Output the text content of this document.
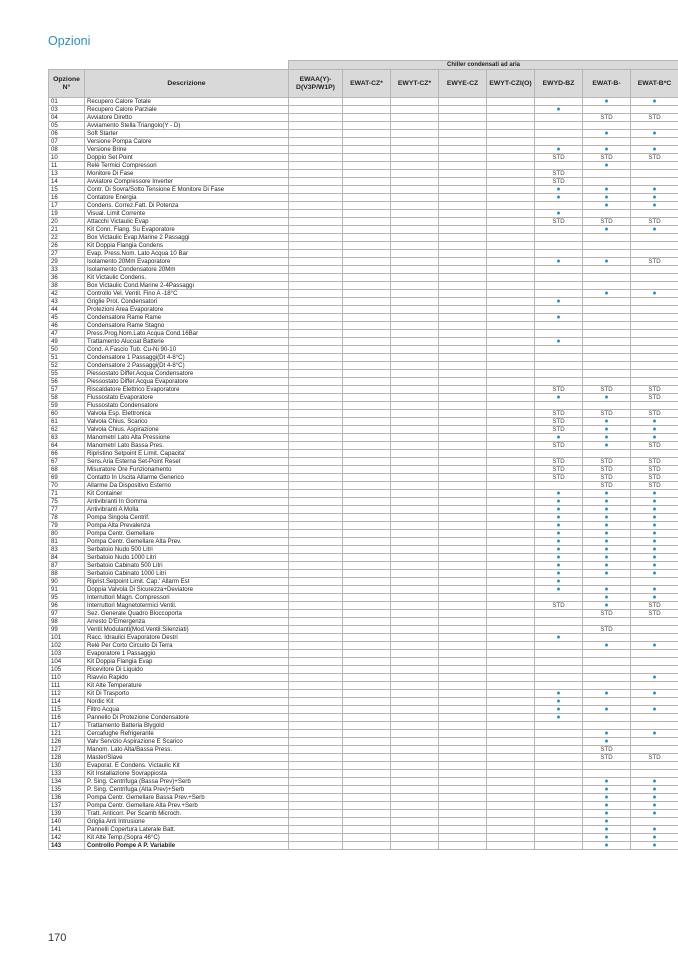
Opzioni
		Chiller condensati ad aria							
Opzione N°	Descrizione	EWAA(Y)-D(V3P/W1P)	EWAT-CZ*	EWYT-CZ*	EWYE-CZ	EWYT-CZI(O)	EWYD-BZ	EWAT-B-	EWAT-B*C
01	Recupero Calore Totale							●	●
03	Recupero Calore Parziale						●		
04	Avviatore Diretto							STD	STD
05	Avviamento Stella Triangolo(Y - D)								
06	Soft Starter							●	●
07	Versione Pompa Calore								
08	Versione Brine						●	●	●
10	Doppio Set Point						STD	STD	STD
11	Relè Termici Compressori							●	
13	Monitore Di Fase						STD		
14	Avviatore Compressore Inverter						STD		
15	Contr. Di Sovra/Sotto Tensione E Monitore Di Fase						●	●	●
16	Contatore Energia						●	●	●
17	Condens. Correz.Fatt. Di Potenza							●	●
19	Visual. Limit Corrente						●		
20	Attacchi Victaulic Evap						STD	STD	STD
21	Kit Conn. Flang. Su Evaporatore							●	●
22	Box Victaulic Evap.Marine 2 Passaggi								
26	Kit Doppia Flangia Condens								
27	Evap. Press.Nom. Lato Acqua 10 Bar								
29	Isolamento 20Mm Evaporatore						●	●	STD
33	Isolamento Condensatore 20Mm								
36	Kit Victaulic Condens.								
38	Box Victaulic Cond.Marine 2-4Passaggi								
42	Controllo Vel. Ventil. Fino A -18°C							●	●
43	Griglie Prot. Condensatori						●		
44	Protezioni Area Evaporatore								
45	Condensatore Rame Rame						●		
46	Condensatore Rame Stagno								
47	Press.Prog.Nom.Lato Acqua Cond.16Bar								
49	Trattamento Alucoat Batterie						●		
50	Cond. A Fascio Tub. Cu-Ni 90-10								
51	Condensatore 1 Passaggi(Dt 4-8°C)								
52	Condensatore 2 Passaggi(Dt 4-8°C)								
55	Piessostato Differ.Acqua Condensatore								
56	Piessostato Differ.Acqua Evaporatore								
57	Riscaldatore Elettrico Evaporatore						STD	STD	STD
58	Flussostato Evaporatore						●	●	STD
59	Flussostato Condensatore								
60	Valvola Esp. Elettronica						STD	STD	STD
61	Valvola Chius. Scarico						STD	●	●
62	Valvola Chius. Aspirazione						STD	●	●
63	Manometri Lato Alta Pressione						●	●	●
64	Manometri Lato Bassa Pres.						STD	●	STD
66	Ripristino Setpoint E Limit. Capacita'								
67	Sens.Aria Esterna Set-Point Reset						STD	STD	STD
68	Misuratore Ore Funzionamento						STD	STD	STD
69	Contatto In Uscita Allarme Generico						STD	STD	STD
70	Allarme Da Dispositivo Esterno							STD	STD
71	Kit Container						●	●	●
75	Antivibranti In Gomma						●	●	●
77	Antivibranti A Molla						●	●	●
78	Pompa Singola Centrif.						●	●	●
79	Pompa Alta Prevalenza						●	●	●
80	Pompa Centr. Gemellare						●	●	●
81	Pompa Centr. Gemellare Alta Prev.						●	●	●
83	Serbatoio Nudo 500 Litri						●	●	●
84	Serbatoio Nudo 1000 Litri						●	●	●
87	Serbatoio Cabinato 500 Litri						●	●	●
88	Serbatoio Cabinato 1000 Litri						●	●	●
90	Riprist.Setpoint Limit. Cap.' Allarm Est						●		
91	Doppia Valvola Di Sicurezza+Deviatore						●	●	●
95	Interruttori Magn. Compressori							●	●
96	Interruttori Magnetotermici Ventil.						STD	●	STD
97	Sez. Generale Quadro Bloccoporta							STD	STD
98	Arresto D'Emergenza								
99	Ventil.Modulanti(Mod.Ventil.Silenziati)							STD	
101	Racc. Idraulici Evaporatore Destri						●		
102	Relè Per Corto Circuito Di Terra							●	●
103	Evaporatore 1 Passaggio								
104	Kit Doppia Flangia Evap								
105	Ricevitore Di Liquido								
110	Riavvio Rapido								●
111	Kit Alte Temperature								
112	Kit Di Trasporto						●	●	●
114	Nordic Kit						●		
115	Filtro Acqua						●	●	●
116	Pannello Di Protezione Condensatore						●		
117	Trattamento Batteria Blygold								
121	Cercafughe Refrigerante							●	●
126	Valv Servizio Aspirazione E Scarico							●	
127	Manom. Lato Alta/Bassa Press.							STD	
128	Master/Slave							STD	STD
130	Evaporat. E Condens. Victaulic Kit								
133	Kit Installazione Sovrappiosta								
134	P. Sing. Centrifuga (Bassa Prev)+Serb							●	●
135	P. Sing. Centrifuga (Alta Prev)+Serb							●	●
136	Pompa Centr. Gemellare Bassa Prev.+Serb							●	●
137	Pompa Centr. Gemellare Alta Prev.+Serb							●	●
139	Tratt. Anticorr. Per Scamb Microch.							●	●
140	Griglia Anti Intrusione							●	
141	Pannelli Copertura Laterale Batt.							●	●
142	Kit Alte Temp.(Sopra 46°C)							●	●
143	Controllo Pompe A P. Variabile							●	●
170
